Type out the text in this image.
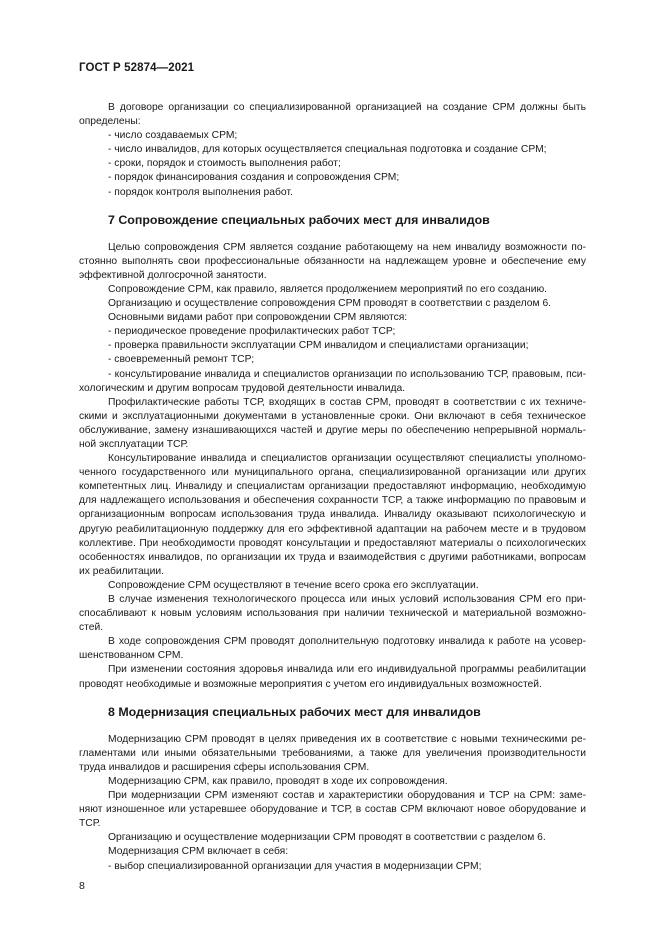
ГОСТ Р 52874—2021

В договоре организации со специализированной организацией на создание СРМ должны быть определены:

- число создаваемых СРМ;

- число инвалидов, для которых осуществляется специальная подготовка и создание СРМ;

- сроки, порядок и стоимость выполнения работ;

- порядок финансирования создания и сопровождения СРМ;

- порядок контроля выполнения работ.

7 Сопровождение специальных рабочих мест для инвалидов

Целью сопровождения СРМ является создание работающему на нем инвалиду возможности постоянно выполнять свои профессиональные обязанности на надлежащем уровне и обеспечение ему эффективной долгосрочной занятости.

Сопровождение СРМ, как правило, является продолжением мероприятий по его созданию.

Организацию и осуществление сопровождения СРМ проводят в соответствии с разделом 6.

Основными видами работ при сопровождении СРМ являются:

- периодическое проведение профилактических работ ТСР;

- проверка правильности эксплуатации СРМ инвалидом и специалистами организации;

- своевременный ремонт ТСР;

- консультирование инвалида и специалистов организации по использованию ТСР, правовым, психологическим и другим вопросам трудовой деятельности инвалида.

Профилактические работы ТСР, входящих в состав СРМ, проводят в соответствии с их техническими и эксплуатационными документами в установленные сроки. Они включают в себя техническое обслуживание, замену изнашивающихся частей и другие меры по обеспечению непрерывной нормальной эксплуатации ТСР.

Консультирование инвалида и специалистов организации осуществляют специалисты уполномоченного государственного или муниципального органа, специализированной организации или других компетентных лиц. Инвалиду и специалистам организации предоставляют информацию, необходимую для надлежащего использования и обеспечения сохранности ТСР, а также информацию по правовым и организационным вопросам использования труда инвалида. Инвалиду оказывают психологическую и другую реабилитационную поддержку для его эффективной адаптации на рабочем месте и в трудовом коллективе. При необходимости проводят консультации и предоставляют материалы о психологических особенностях инвалидов, по организации их труда и взаимодействия с другими работниками, вопросам их реабилитации.

Сопровождение СРМ осуществляют в течение всего срока его эксплуатации.

В случае изменения технологического процесса или иных условий использования СРМ его приспосабливают к новым условиям использования при наличии технической и материальной возможностей.

В ходе сопровождения СРМ проводят дополнительную подготовку инвалида к работе на усовершенствованном СРМ.

При изменении состояния здоровья инвалида или его индивидуальной программы реабилитации проводят необходимые и возможные мероприятия с учетом его индивидуальных возможностей.

8 Модернизация специальных рабочих мест для инвалидов

Модернизацию СРМ проводят в целях приведения их в соответствие с новыми техническими регламентами или иными обязательными требованиями, а также для увеличения производительности труда инвалидов и расширения сферы использования СРМ.

Модернизацию СРМ, как правило, проводят в ходе их сопровождения.

При модернизации СРМ изменяют состав и характеристики оборудования и ТСР на СРМ: заменяют изношенное или устаревшее оборудование и ТСР, в состав СРМ включают новое оборудование и ТСР.

Организацию и осуществление модернизации СРМ проводят в соответствии с разделом 6.

Модернизация СРМ включает в себя:

- выбор специализированной организации для участия в модернизации СРМ;

8
